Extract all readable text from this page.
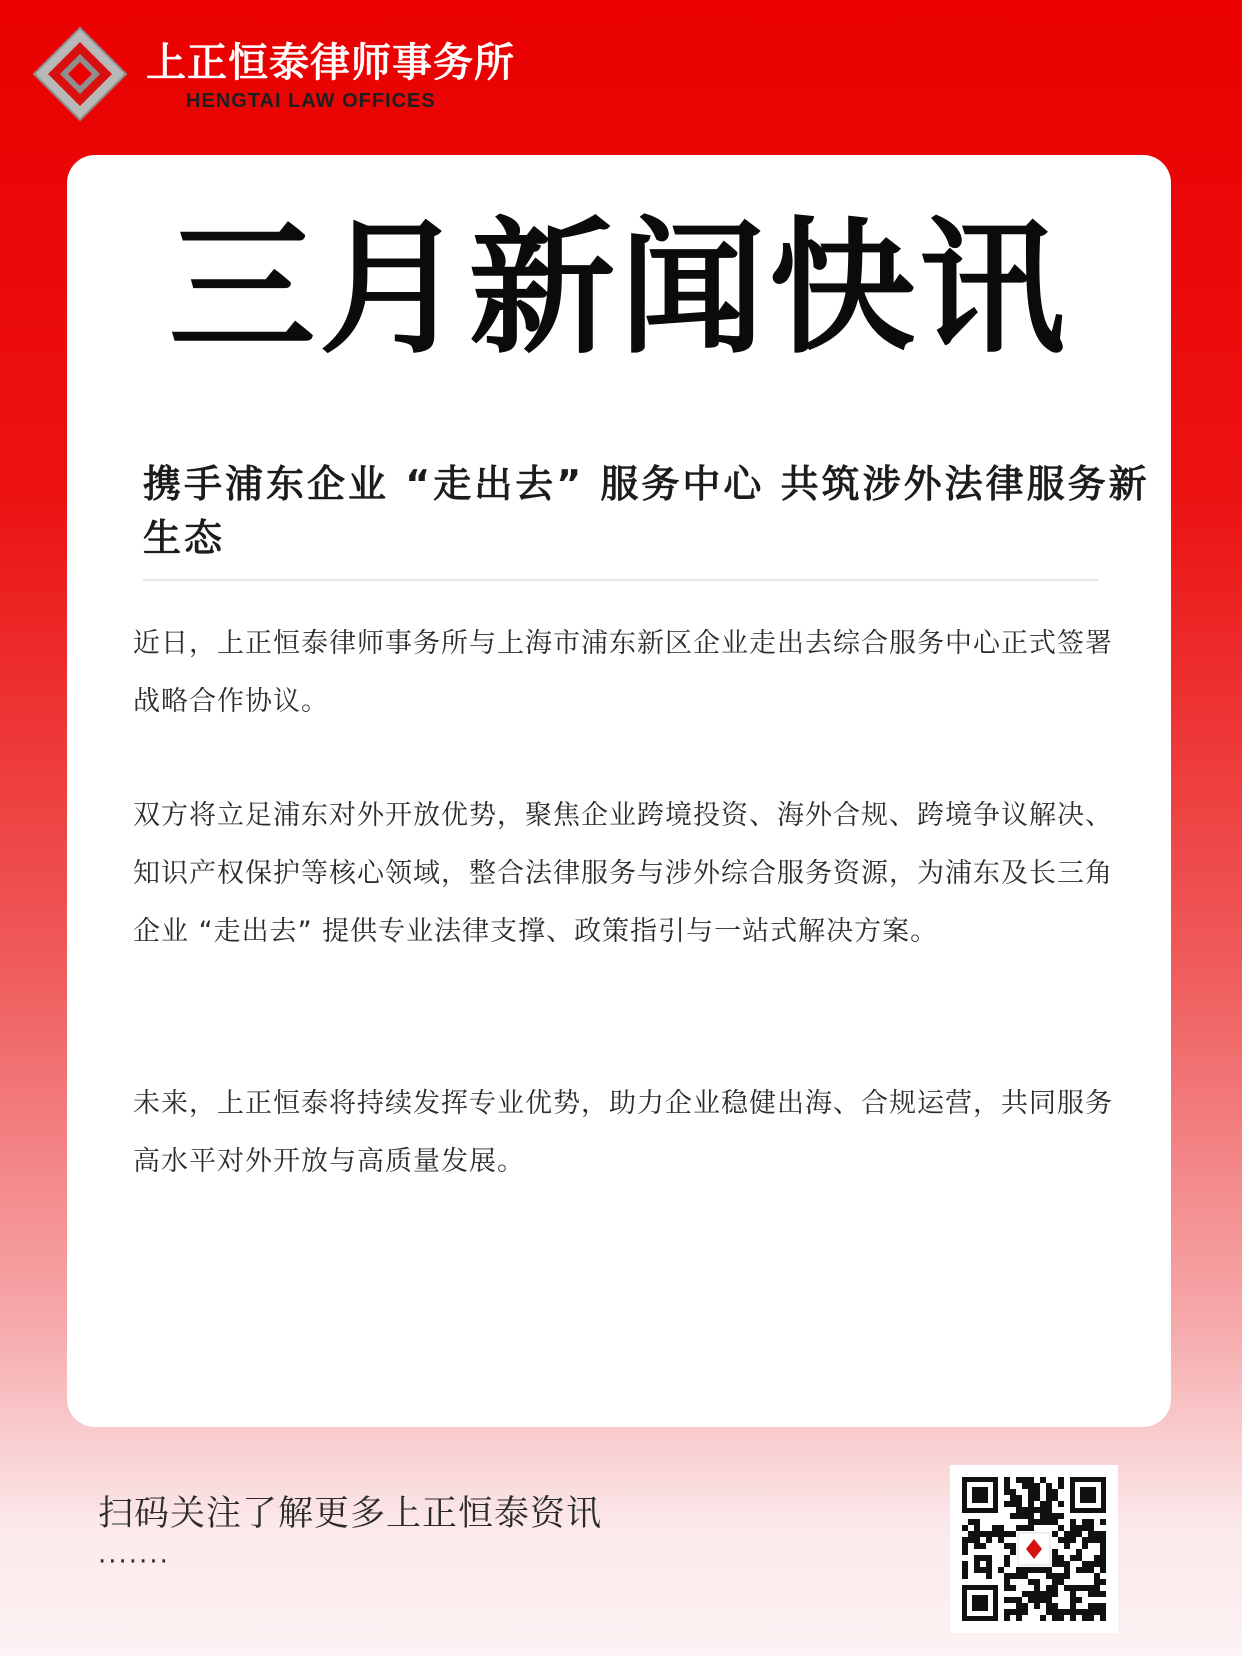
上正恒泰律师事务所

HENGTAI LAW OFFICES

三月新闻快讯
携手浦东企业 “走出去” 服务中心 共筑涉外法律服务新生态

近日，上正恒泰律师事务所与上海市浦东新区企业走出去综合服务中心正式签署战略合作协议。

双方将立足浦东对外开放优势，聚焦企业跨境投资、海外合规、跨境争议解决、知识产权保护等核心领域，整合法律服务与涉外综合服务资源，为浦东及长三角企业 “走出去” 提供专业法律支撑、政策指引与一站式解决方案。

未来，上正恒泰将持续发挥专业优势，助力企业稳健出海、合规运营，共同服务高水平对外开放与高质量发展。

扫码关注了解更多上正恒泰资讯

·······
